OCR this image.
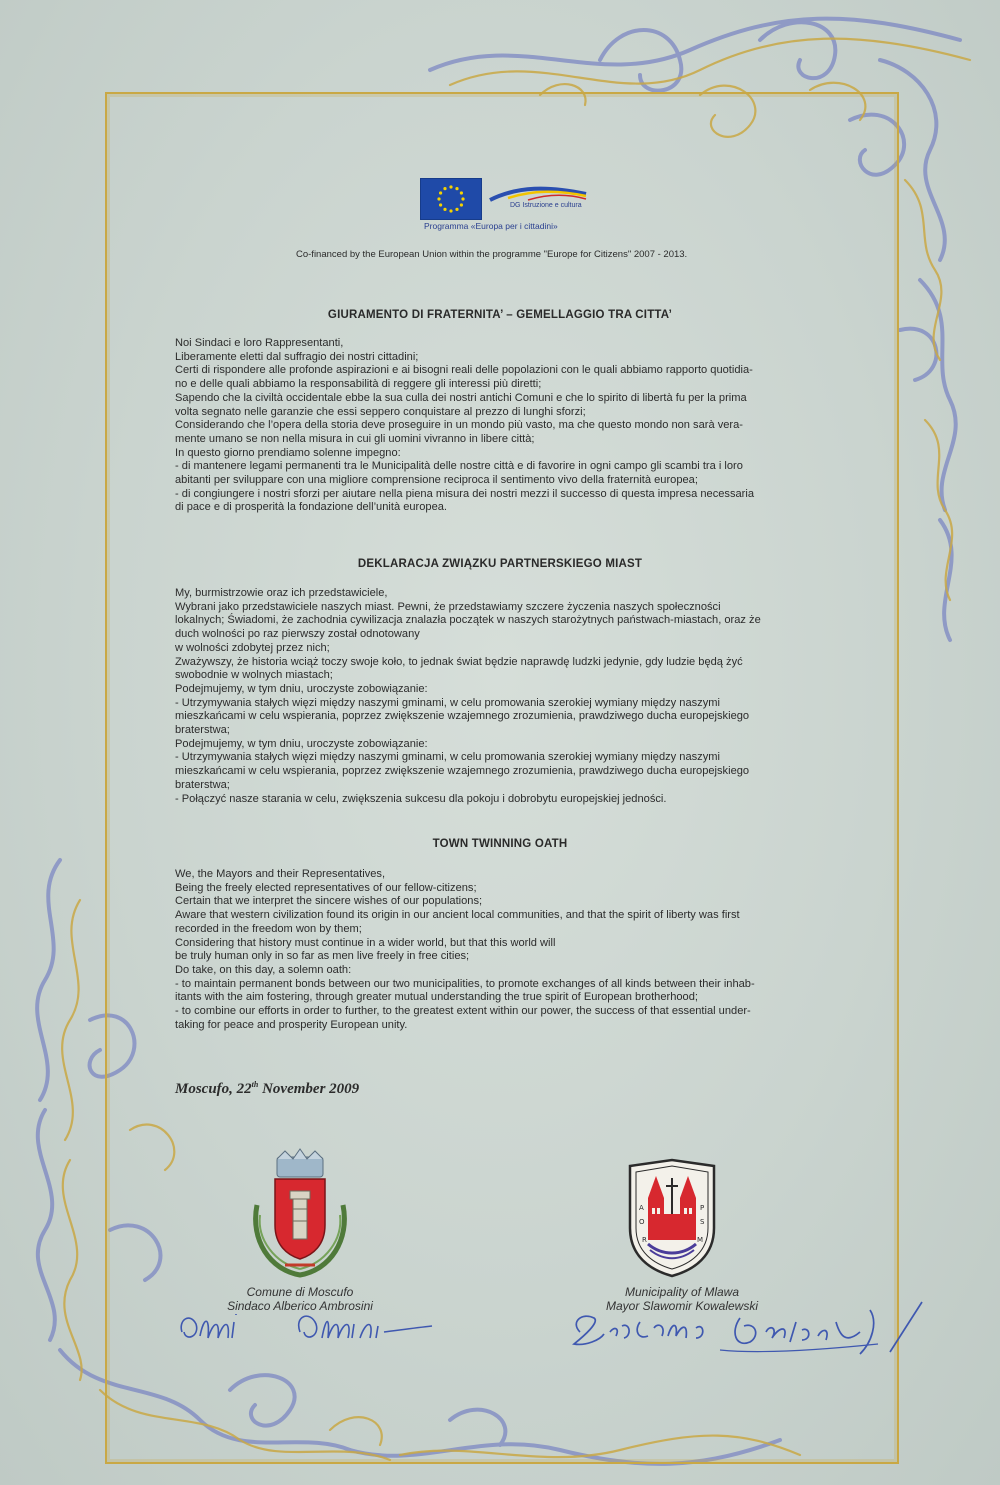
DG Istruzione e cultura
Programma «Europa per i cittadini»
Co-financed by the European Union within the programme "Europe for Citizens" 2007 - 2013.
GIURAMENTO DI FRATERNITA’ – GEMELLAGGIO TRA CITTA’
Noi Sindaci e loro Rappresentanti,
Liberamente eletti dal suffragio dei nostri cittadini;
Certi di rispondere alle profonde aspirazioni e ai bisogni reali delle popolazioni con le quali abbiamo rapporto quotidia-
no e delle quali abbiamo la responsabilità di reggere gli interessi più diretti;
Sapendo che la civiltà occidentale ebbe la sua culla dei nostri antichi Comuni e che lo spirito di libertà fu per la prima
volta segnato nelle garanzie che essi seppero conquistare al prezzo di lunghi sforzi;
Considerando che l’opera della storia deve proseguire in un mondo più vasto, ma che questo mondo non sarà vera-
mente umano se non nella misura in cui gli uomini vivranno in libere città;
In questo giorno prendiamo solenne impegno:
- di mantenere legami permanenti tra le Municipalità delle nostre città e di favorire in ogni campo gli scambi tra i loro
abitanti per sviluppare con una migliore comprensione reciproca il sentimento vivo della fraternità europea;
- di congiungere i nostri sforzi per aiutare nella piena misura dei nostri mezzi il successo di questa impresa necessaria
di pace e di prosperità la fondazione dell’unità europea.
DEKLARACJA ZWIĄZKU PARTNERSKIEGO MIAST
My, burmistrzowie oraz ich przedstawiciele,
Wybrani jako przedstawiciele naszych miast. Pewni, że przedstawiamy szczere życzenia naszych społeczności
lokalnych; Świadomi, że zachodnia cywilizacja znalazła początek w naszych starożytnych państwach-miastach, oraz że
duch wolności po raz pierwszy został odnotowany
w wolności zdobytej przez nich;
Zważywszy, że historia wciąż toczy swoje koło, to jednak świat będzie naprawdę ludzki jedynie, gdy ludzie będą żyć
swobodnie w wolnych miastach;
Podejmujemy, w tym dniu, uroczyste zobowiązanie:
- Utrzymywania stałych więzi między naszymi gminami, w celu promowania szerokiej wymiany między naszymi
mieszkańcami w celu wspierania, poprzez zwiększenie wzajemnego zrozumienia, prawdziwego ducha europejskiego
braterstwa;
Podejmujemy, w tym dniu, uroczyste zobowiązanie:
- Utrzymywania stałych więzi między naszymi gminami, w celu promowania szerokiej wymiany między naszymi
mieszkańcami w celu wspierania, poprzez zwiększenie wzajemnego zrozumienia, prawdziwego ducha europejskiego
braterstwa;
- Połączyć nasze starania w celu, zwiększenia sukcesu dla pokoju i dobrobytu europejskiej jedności.
TOWN TWINNING OATH
We, the Mayors and their Representatives,
Being the freely elected representatives of our fellow-citizens;
Certain that we interpret the sincere wishes of our populations;
Aware that western civilization found its origin in our ancient local communities, and that the spirit of liberty was first
recorded in the freedom won by them;
Considering that history must continue in a wider world, but that this world will
be truly human only in so far as men live freely in free cities;
Do take, on this day, a solemn oath:
- to maintain permanent bonds between our two municipalities, to promote exchanges of all kinds between their inhab-
itants with the aim fostering, through greater mutual understanding the true spirit of European brotherhood;
- to combine our efforts in order to further, to the greatest extent within our power, the success of that essential under-
taking for peace and prosperity European unity.
Moscufo, 22th November 2009
A
O
R
P
S
M
Comune di Moscufo
Sindaco Alberico Ambrosini
Municipality of Mlawa
Mayor Slawomir Kowalewski
